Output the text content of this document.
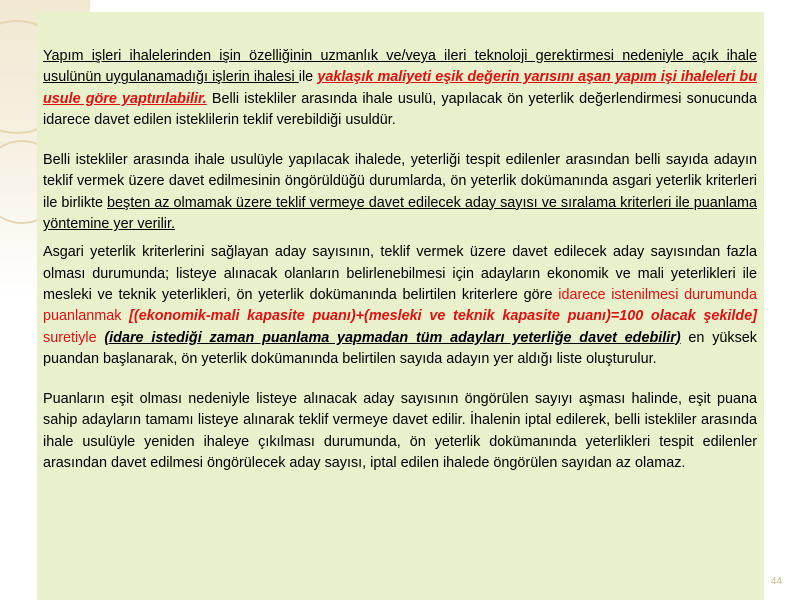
Yapım işleri ihalelerinden işin özelliğinin uzmanlık ve/veya ileri teknoloji gerektirmesi nedeniyle açık ihale usulünün uygulanamadığı işlerin ihalesi ile yaklaşık maliyeti eşik değerin yarısını aşan yapım işi ihaleleri bu usule göre yaptırılabilir. Belli istekliler arasında ihale usulü, yapılacak ön yeterlik değerlendirmesi sonucunda idarece davet edilen isteklilerin teklif verebildiği usuldür.

Belli istekliler arasında ihale usulüyle yapılacak ihalede, yeterliği tespit edilenler arasından belli sayıda adayın teklif vermek üzere davet edilmesinin öngörüldüğü durumlarda, ön yeterlik dokümanında asgari yeterlik kriterleri ile birlikte beşten az olmamak üzere teklif vermeye davet edilecek aday sayısı ve sıralama kriterleri ile puanlama yöntemine yer verilir.

Asgari yeterlik kriterlerini sağlayan aday sayısının, teklif vermek üzere davet edilecek aday sayısından fazla olması durumunda; listeye alınacak olanların belirlenebilmesi için adayların ekonomik ve mali yeterlikleri ile mesleki ve teknik yeterlikleri, ön yeterlik dokümanında belirtilen kriterlere göre idarece istenilmesi durumunda puanlanmak [(ekonomik-mali kapasite puanı)+(mesleki ve teknik kapasite puanı)=100 olacak şekilde] suretiyle (idare istediği zaman puanlama yapmadan tüm adayları yeterliğe davet edebilir) en yüksek puandan başlanarak, ön yeterlik dokümanında belirtilen sayıda adayın yer aldığı liste oluşturulur.

Puanların eşit olması nedeniyle listeye alınacak aday sayısının öngörülen sayıyı aşması halinde, eşit puana sahip adayların tamamı listeye alınarak teklif vermeye davet edilir. İhalenin iptal edilerek, belli istekliler arasında ihale usulüyle yeniden ihaleye çıkılması durumunda, ön yeterlik dokümanında yeterlikleri tespit edilenler arasından davet edilmesi öngörülecek aday sayısı, iptal edilen ihalede öngörülen sayıdan az olamaz.

44
